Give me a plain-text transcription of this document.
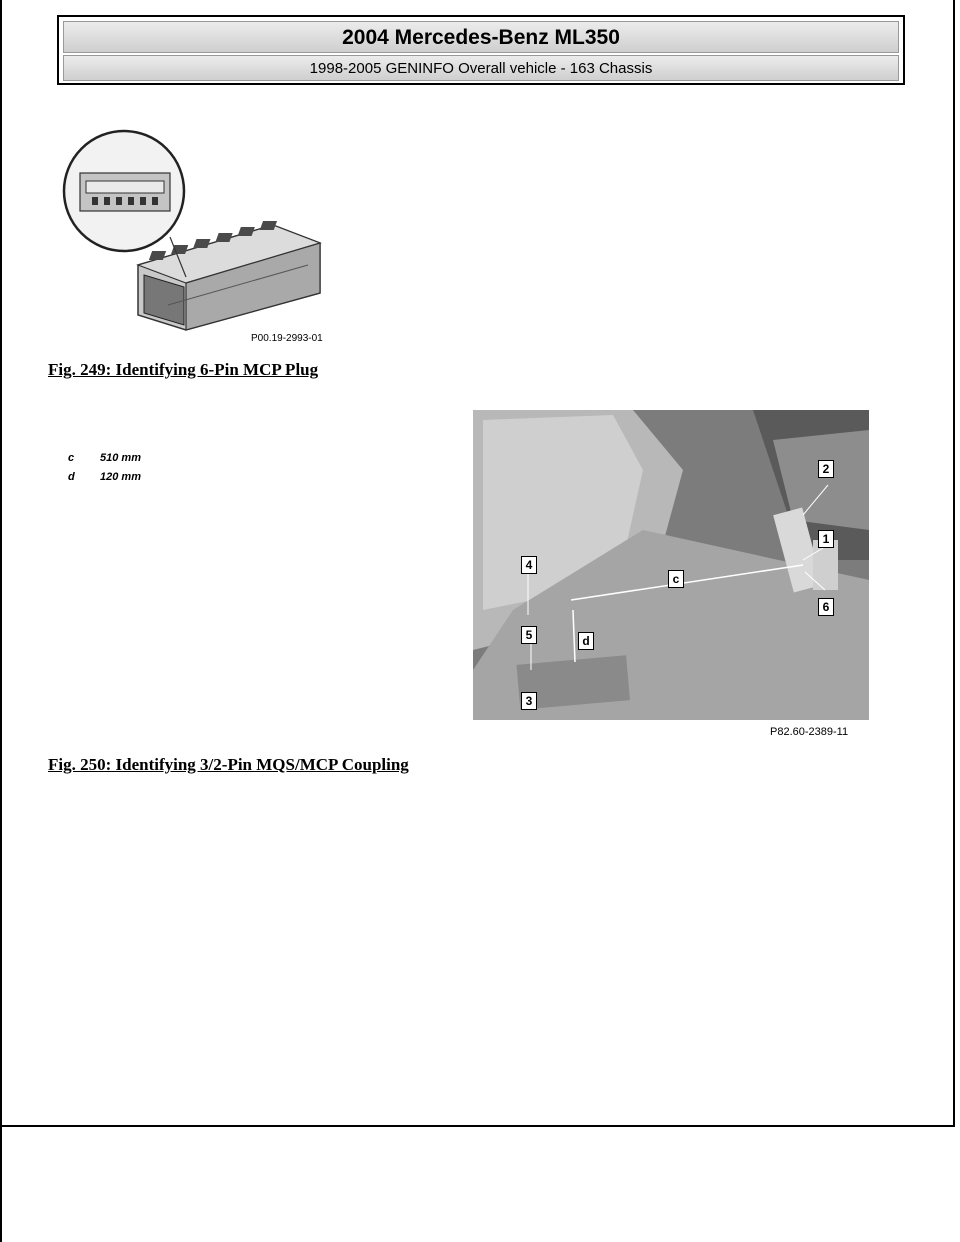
2004 Mercedes-Benz ML350
1998-2005 GENINFO Overall vehicle - 163 Chassis
P00.19-2993-01
Fig. 249: Identifying 6-Pin MCP Plug
c 510 mm
d 120 mm
2
1
6
4
5
3
c
d
P82.60-2389-11
Fig. 250: Identifying 3/2-Pin MQS/MCP Coupling
